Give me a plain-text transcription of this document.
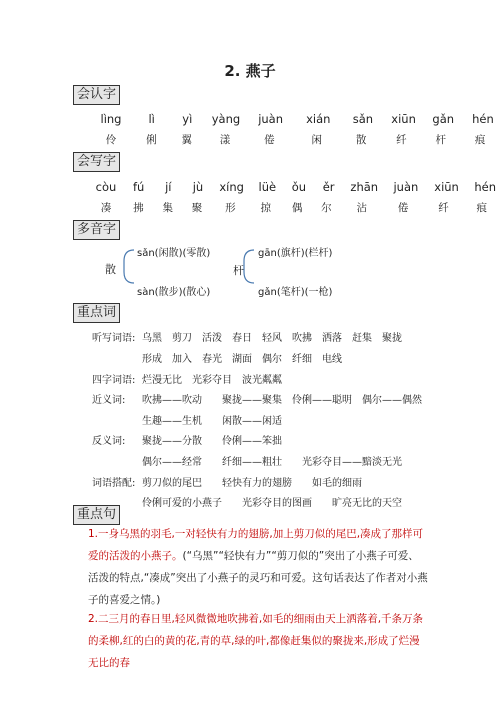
2. 燕子
会认字
lìng lì yì yàng juàn xián sǎn xiūn gǎn hén
伶	俐 翼	漾	倦	闲	散	纤	杆	痕
会写字
còu fú jí jù xíng lüè ǒu ěr zhān juàn xiūn hén
凑 拂 集 聚 形 掠 偶 尔 沾	倦	纤	痕
多音字
散
sǎn(闲散)(零散)
sàn(散步)(散心)
杆
gān(旗杆)(栏杆)
gǎn(笔杆)(一枪)
重点词
听写词语: 乌黑　剪刀　活泼　春日　轻风　吹拂　洒落　赶集　聚拢
形成　加入　春光　湖面　偶尔　纤细　电线
四字词语: 烂漫无比　光彩夺目　波光粼粼
近义词: 吹拂——吹动　　聚拢——聚集　伶俐——聪明　偶尔——偶然
生趣——生机　　闲散——闲适
反义词: 聚拢——分散　　伶俐——笨拙
偶尔——经常　　纤细——粗壮　　光彩夺目——黯淡无光
词语搭配: 剪刀似的尾巴　　轻快有力的翅膀　　如毛的细雨
伶俐可爱的小燕子　　光彩夺目的图画　　旷亮无比的天空
重点句
1.一身乌黑的羽毛,一对轻快有力的翅膀,加上剪刀似的尾巴,凑成了那样可爱的活泼的小燕子。(“乌黑”“轻快有力”“剪刀似的”突出了小燕子可爱、活泼的特点,“凑成”突出了小燕子的灵巧和可爱。这句话表达了作者对小燕子的喜爱之情。)
2.二三月的春日里,轻风微微地吹拂着,如毛的细雨由天上洒落着,千条万条的柔柳,红的白的黄的花,青的草,绿的叶,都像赶集似的聚拢来,形成了烂漫无比的春
